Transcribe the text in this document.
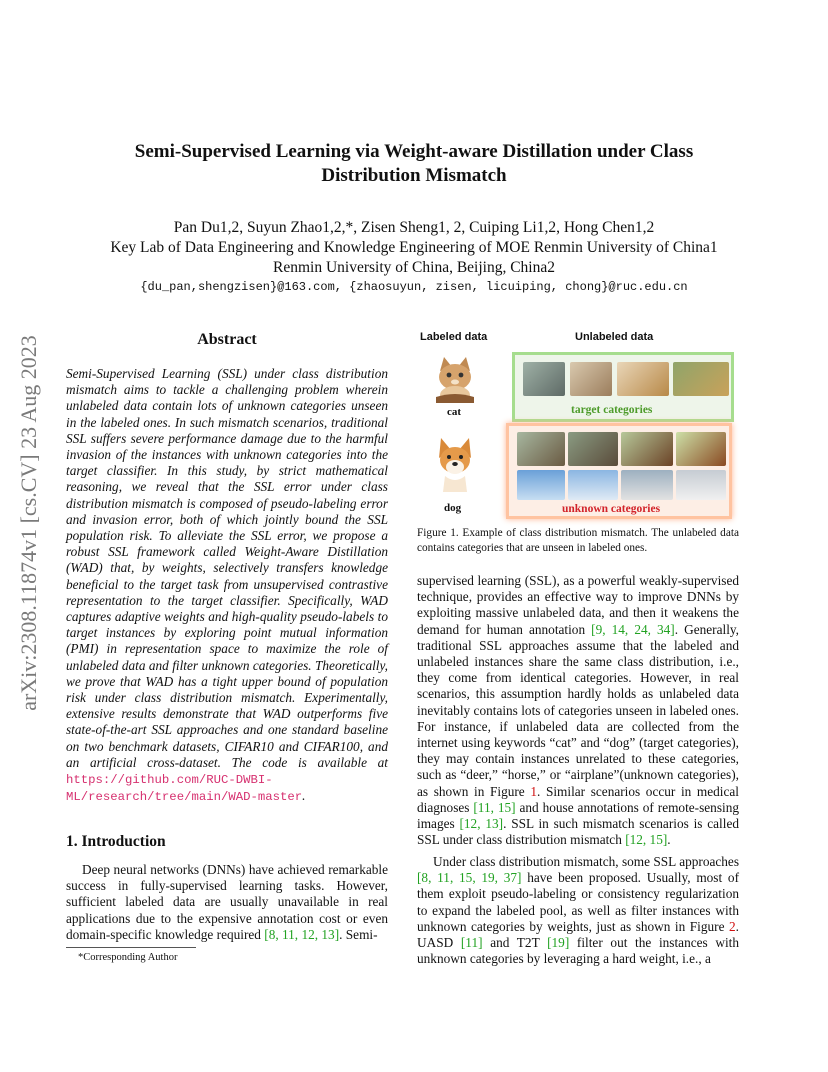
arXiv:2308.11874v1 [cs.CV] 23 Aug 2023
Semi-Supervised Learning via Weight-aware Distillation under Class
Distribution Mismatch
Pan Du1,2, Suyun Zhao1,2,*, Zisen Sheng1, 2, Cuiping Li1,2, Hong Chen1,2
Key Lab of Data Engineering and Knowledge Engineering of MOE Renmin University of China1
Renmin University of China, Beijing, China2
{du_pan,shengzisen}@163.com, {zhaosuyun, zisen, licuiping, chong}@ruc.edu.cn
Abstract
Semi-Supervised Learning (SSL) under class distribution mismatch aims to tackle a challenging problem wherein unlabeled data contain lots of unknown categories unseen in the labeled ones. In such mismatch scenarios, traditional SSL suffers severe performance damage due to the harmful invasion of the instances with unknown categories into the target classifier. In this study, by strict mathematical reasoning, we reveal that the SSL error under class distribution mismatch is composed of pseudo-labeling error and invasion error, both of which jointly bound the SSL population risk. To alleviate the SSL error, we propose a robust SSL framework called Weight-Aware Distillation (WAD) that, by weights, selectively transfers knowledge beneficial to the target task from unsupervised contrastive representation to the target classifier. Specifically, WAD captures adaptive weights and high-quality pseudo-labels to target instances by exploring point mutual information (PMI) in representation space to maximize the role of unlabeled data and filter unknown categories. Theoretically, we prove that WAD has a tight upper bound of population risk under class distribution mismatch. Experimentally, extensive results demonstrate that WAD outperforms five state-of-the-art SSL approaches and one standard baseline on two benchmark datasets, CIFAR10 and CIFAR100, and an artificial cross-dataset. The code is available at https://github.com/RUC-DWBI-ML/research/tree/main/WAD-master.
1. Introduction
Deep neural networks (DNNs) have achieved remarkable success in fully-supervised learning tasks. However, sufficient labeled data are usually unavailable in real applications due to the expensive annotation cost or even domain-specific knowledge required [8, 11, 12, 13]. Semi-
*Corresponding Author
Labeled data	Unlabeled data
cat
dog
target categories
unknown categories
Figure 1. Example of class distribution mismatch. The unlabeled data contains categories that are unseen in labeled ones.
supervised learning (SSL), as a powerful weakly-supervised technique, provides an effective way to improve DNNs by exploiting massive unlabeled data, and then it weakens the demand for human annotation [9, 14, 24, 34]. Generally, traditional SSL approaches assume that the labeled and unlabeled instances share the same class distribution, i.e., they come from identical categories. However, in real scenarios, this assumption hardly holds as unlabeled data inevitably contains lots of categories unseen in labeled ones. For instance, if unlabeled data are collected from the internet using keywords “cat” and “dog” (target categories), they may contain instances unrelated to these categories, such as “deer,” “horse,” or “airplane”(unknown categories), as shown in Figure 1. Similar scenarios occur in medical diagnoses [11, 15] and house annotations of remote-sensing images [12, 13]. SSL in such mismatch scenarios is called SSL under class distribution mismatch [12, 15].
Under class distribution mismatch, some SSL approaches [8, 11, 15, 19, 37] have been proposed. Usually, most of them exploit pseudo-labeling or consistency regularization to expand the labeled pool, as well as filter instances with unknown categories by weights, just as shown in Figure 2. UASD [11] and T2T [19] filter out the instances with unknown categories by leveraging a hard weight, i.e., a
